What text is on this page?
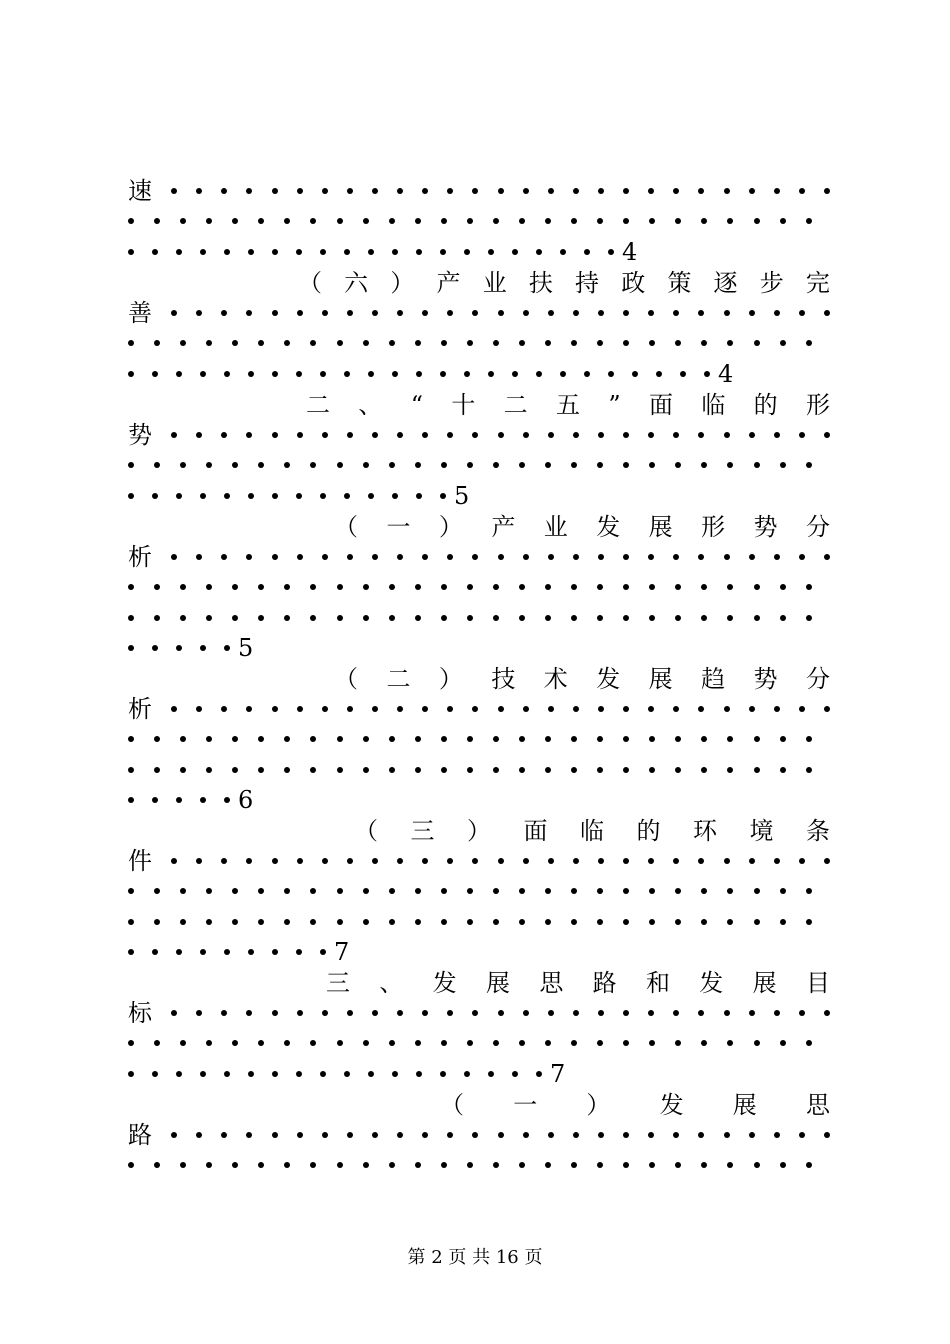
速
4
（ 六 ） 产 业 扶 持 政 策 逐 步 完
善
4
二 、 “ 十 二 五 ” 面 临 的 形
势
5
（ 一 ） 产 业 发 展 形 势 分
析
5
（ 二 ） 技 术 发 展 趋 势 分
析
6
（ 三 ） 面 临 的 环 境 条
件
7
三 、 发 展 思 路 和 发 展 目
标
7
（ 一 ） 发 展 思
路
第 2 页 共 16 页
